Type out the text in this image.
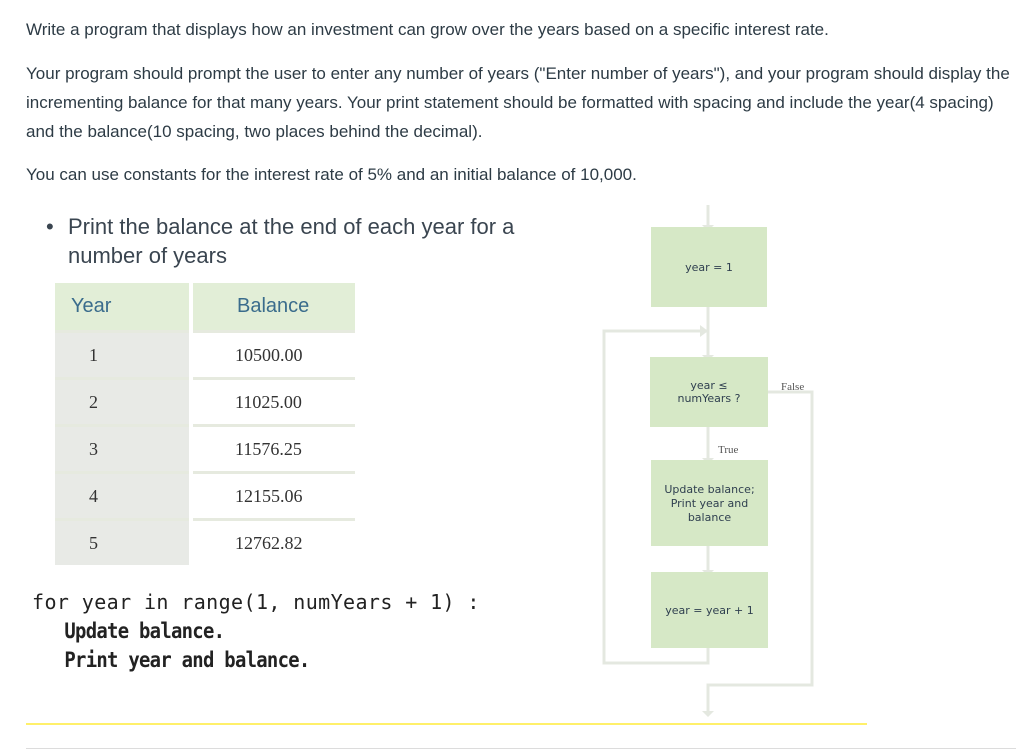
Write a program that displays how an investment can grow over the years based on a specific interest rate.

Your program should prompt the user to enter any number of years ("Enter number of years"), and your program should display the incrementing balance for that many years. Your print statement should be formatted with spacing and include the year(4 spacing) and the balance(10 spacing, two places behind the decimal).

You can use constants for the interest rate of 5% and an initial balance of 10,000.

• Print the balance at the end of each year for a number of years
Year	Balance
1	10500.00
2	11025.00
3	11576.25
4	12155.06
5	12762.82
for year in range(1, numYears + 1) :
Update balance.
Print year and balance.
year = 1
year ≤
numYears ?
False
True
Update balance;
Print year and
balance
year = year + 1
